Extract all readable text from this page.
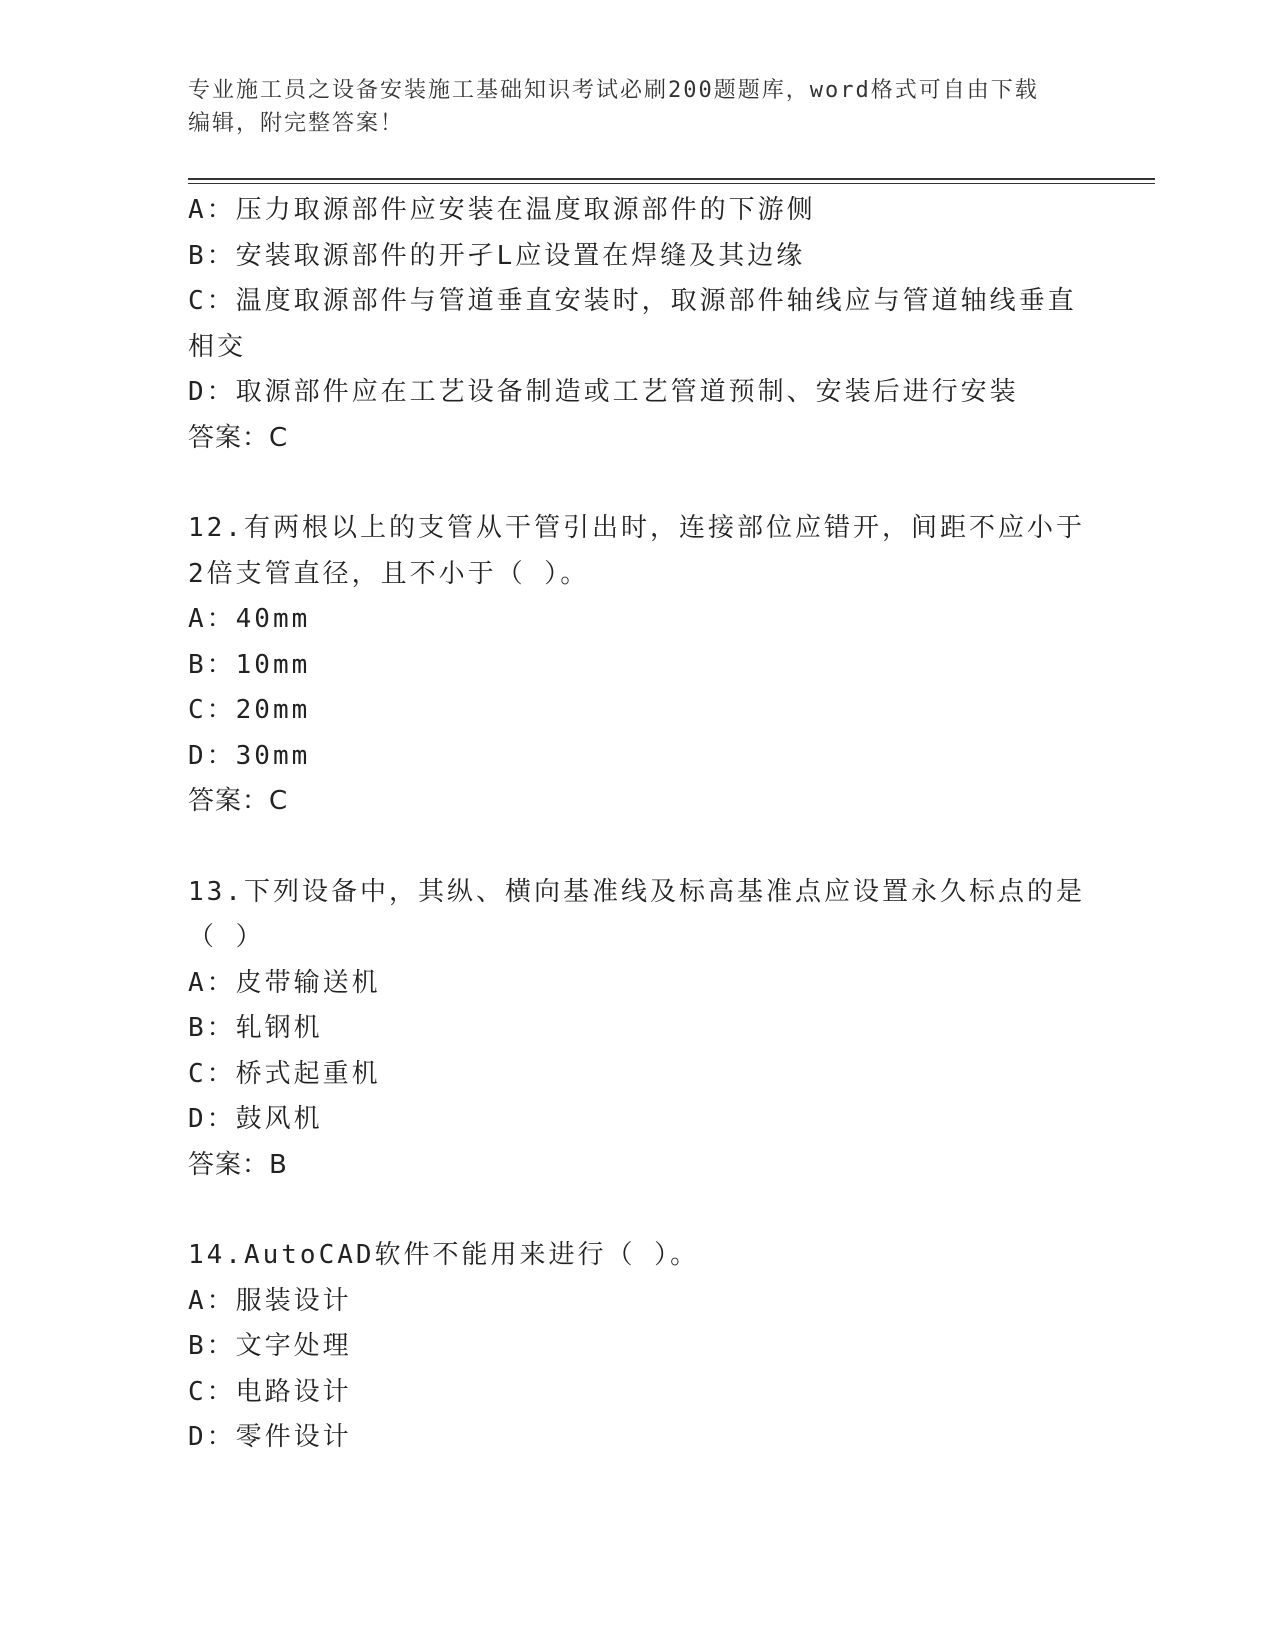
专业施工员之设备安装施工基础知识考试必刷200题题库，word格式可自由下载
编辑，附完整答案！
A：压力取源部件应安装在温度取源部件的下游侧
B：安装取源部件的开孑L应设置在焊缝及其边缘
C：温度取源部件与管道垂直安装时，取源部件轴线应与管道轴线垂直
相交
D：取源部件应在工艺设备制造或工艺管道预制、安装后进行安装
答案：C
12.有两根以上的支管从干管引出时，连接部位应错开，间距不应小于
2倍支管直径，且不小于（ ）。
A：40mm
B：10mm
C：20mm
D：30mm
答案：C
13.下列设备中，其纵、横向基准线及标高基准点应设置永久标点的是
（ ）
A：皮带输送机
B：轧钢机
C：桥式起重机
D：鼓风机
答案：B
14.AutoCAD软件不能用来进行（ ）。
A：服装设计
B：文字处理
C：电路设计
D：零件设计
